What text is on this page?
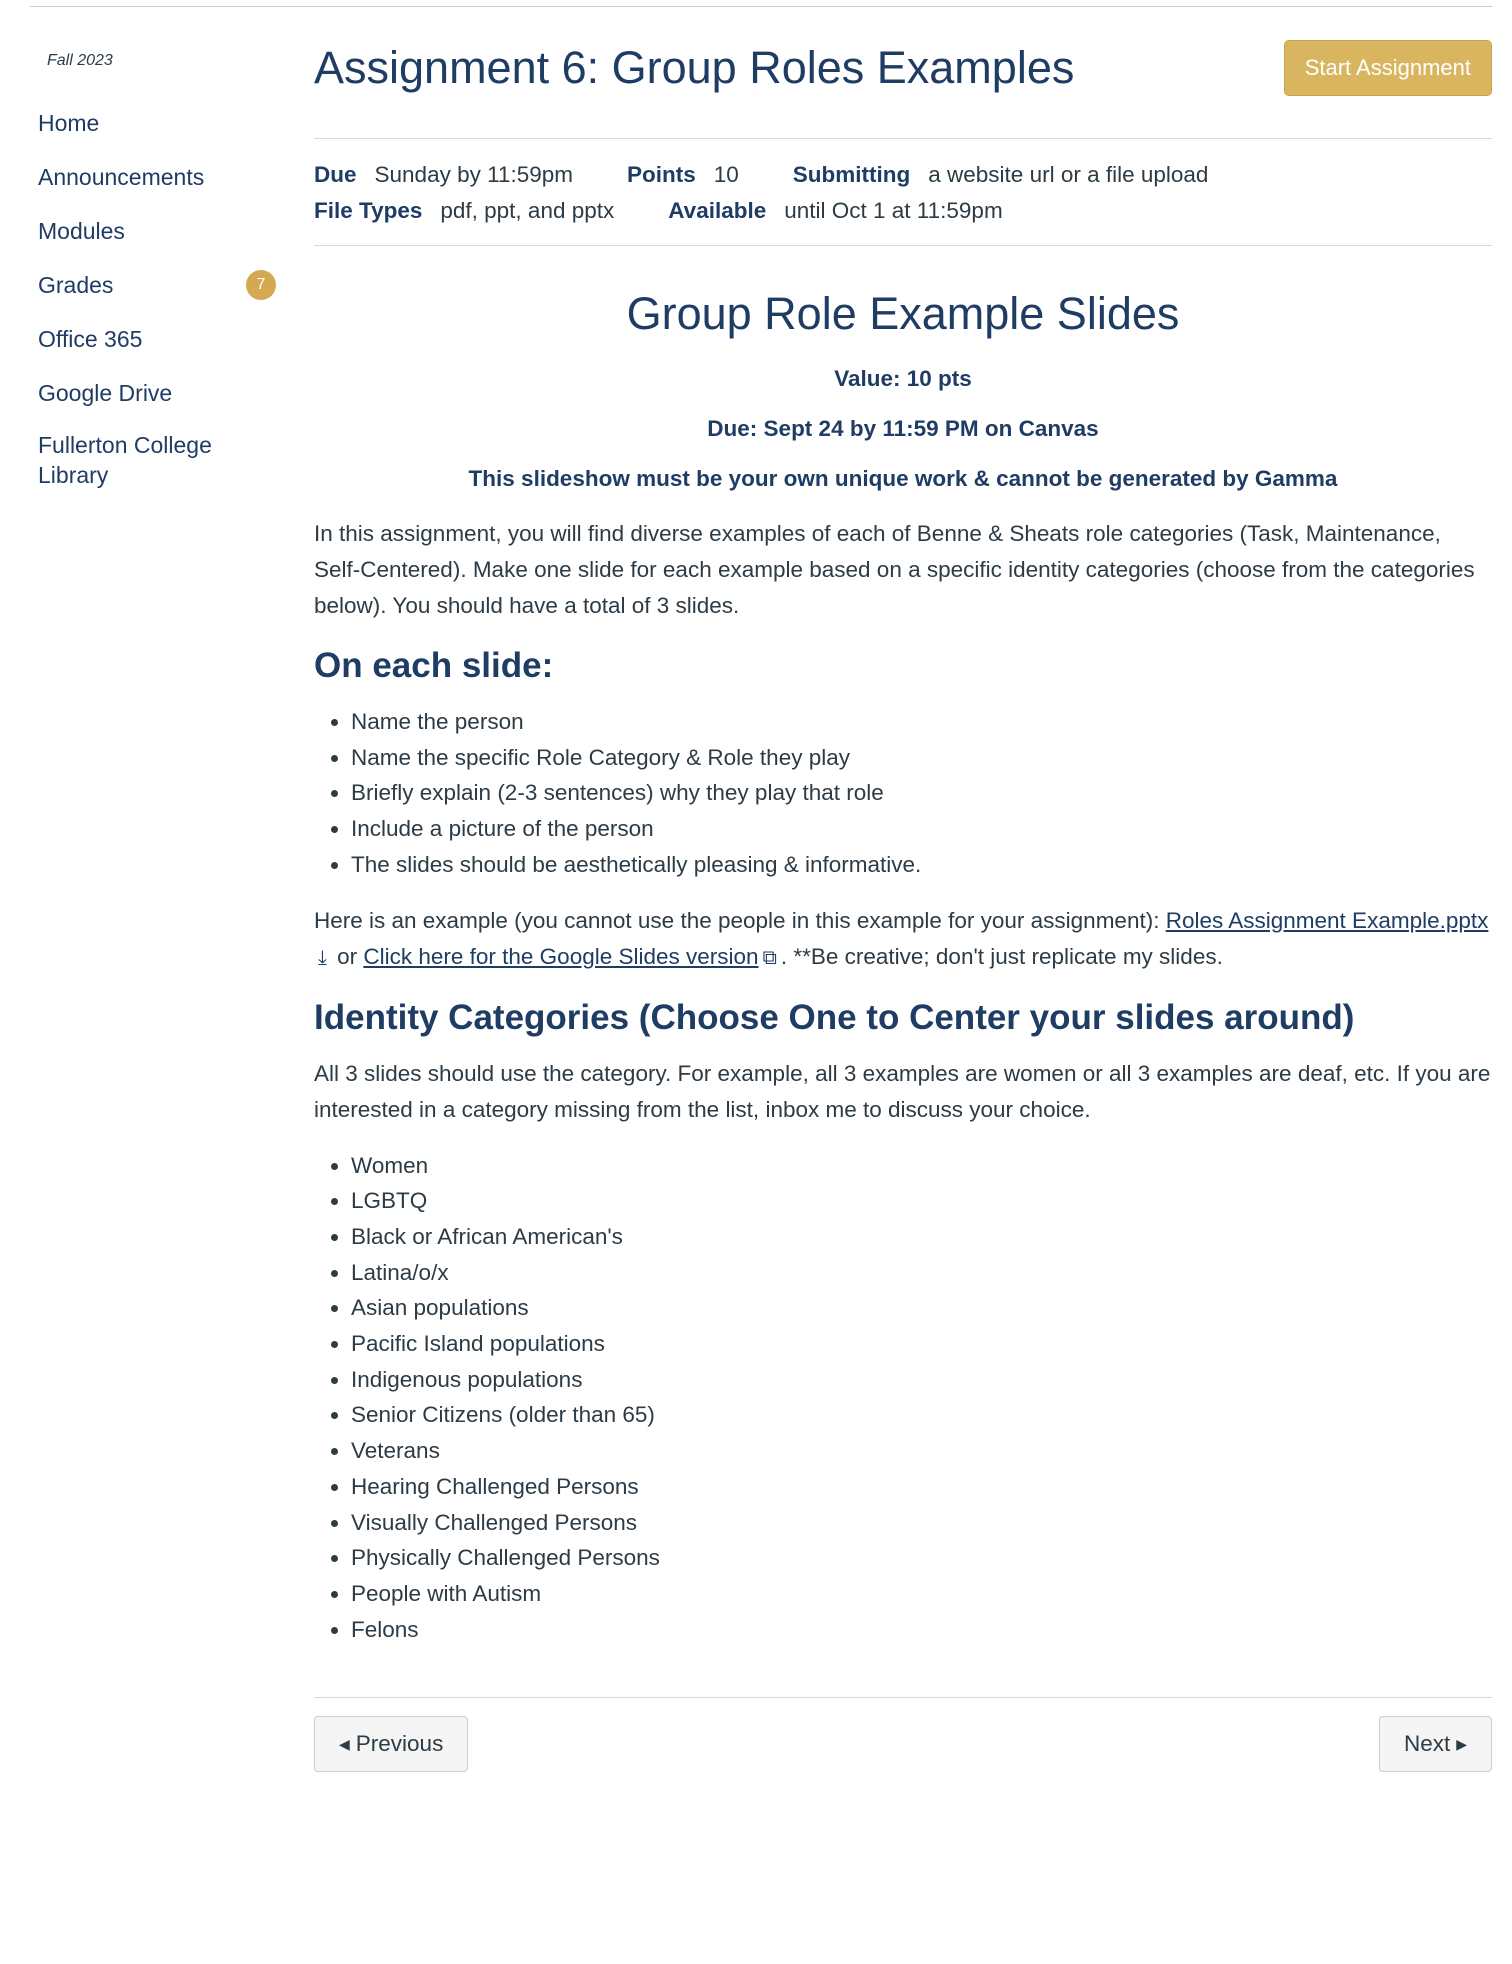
Fall 2023
Home
Announcements
Modules
Grades	7
Office 365
Google Drive
Fullerton College Library
Assignment 6: Group Roles Examples	Start Assignment
Due Sunday by 11:59pm Points 10 Submitting a website url or a file upload
File Types pdf, ppt, and pptx Available until Oct 1 at 11:59pm
Group Role Example Slides

Value: 10 pts

Due: Sept 24 by 11:59 PM on Canvas

This slideshow must be your own unique work & cannot be generated by Gamma

In this assignment, you will find diverse examples of each of Benne & Sheats role categories (Task, Maintenance, Self-Centered). Make one slide for each example based on a specific identity categories (choose from the categories below). You should have a total of 3 slides.

On each slide:
• Name the person
• Name the specific Role Category & Role they play
• Briefly explain (2-3 sentences) why they play that role
• Include a picture of the person
• The slides should be aesthetically pleasing & informative.

Here is an example (you cannot use the people in this example for your assignment): Roles Assignment Example.pptx⤓ or Click here for the Google Slides version ⧉ . **Be creative; don't just replicate my slides.

Identity Categories (Choose One to Center your slides around)

All 3 slides should use the category. For example, all 3 examples are women or all 3 examples are deaf, etc. If you are interested in a category missing from the list, inbox me to discuss your choice.

• Women
• LGBTQ
• Black or African American's
• Latina/o/x
• Asian populations
• Pacific Island populations
• Indigenous populations
• Senior Citizens (older than 65)
• Veterans
• Hearing Challenged Persons
• Visually Challenged Persons
• Physically Challenged Persons
• People with Autism
• Felons
◀ Previous	Next ▶
